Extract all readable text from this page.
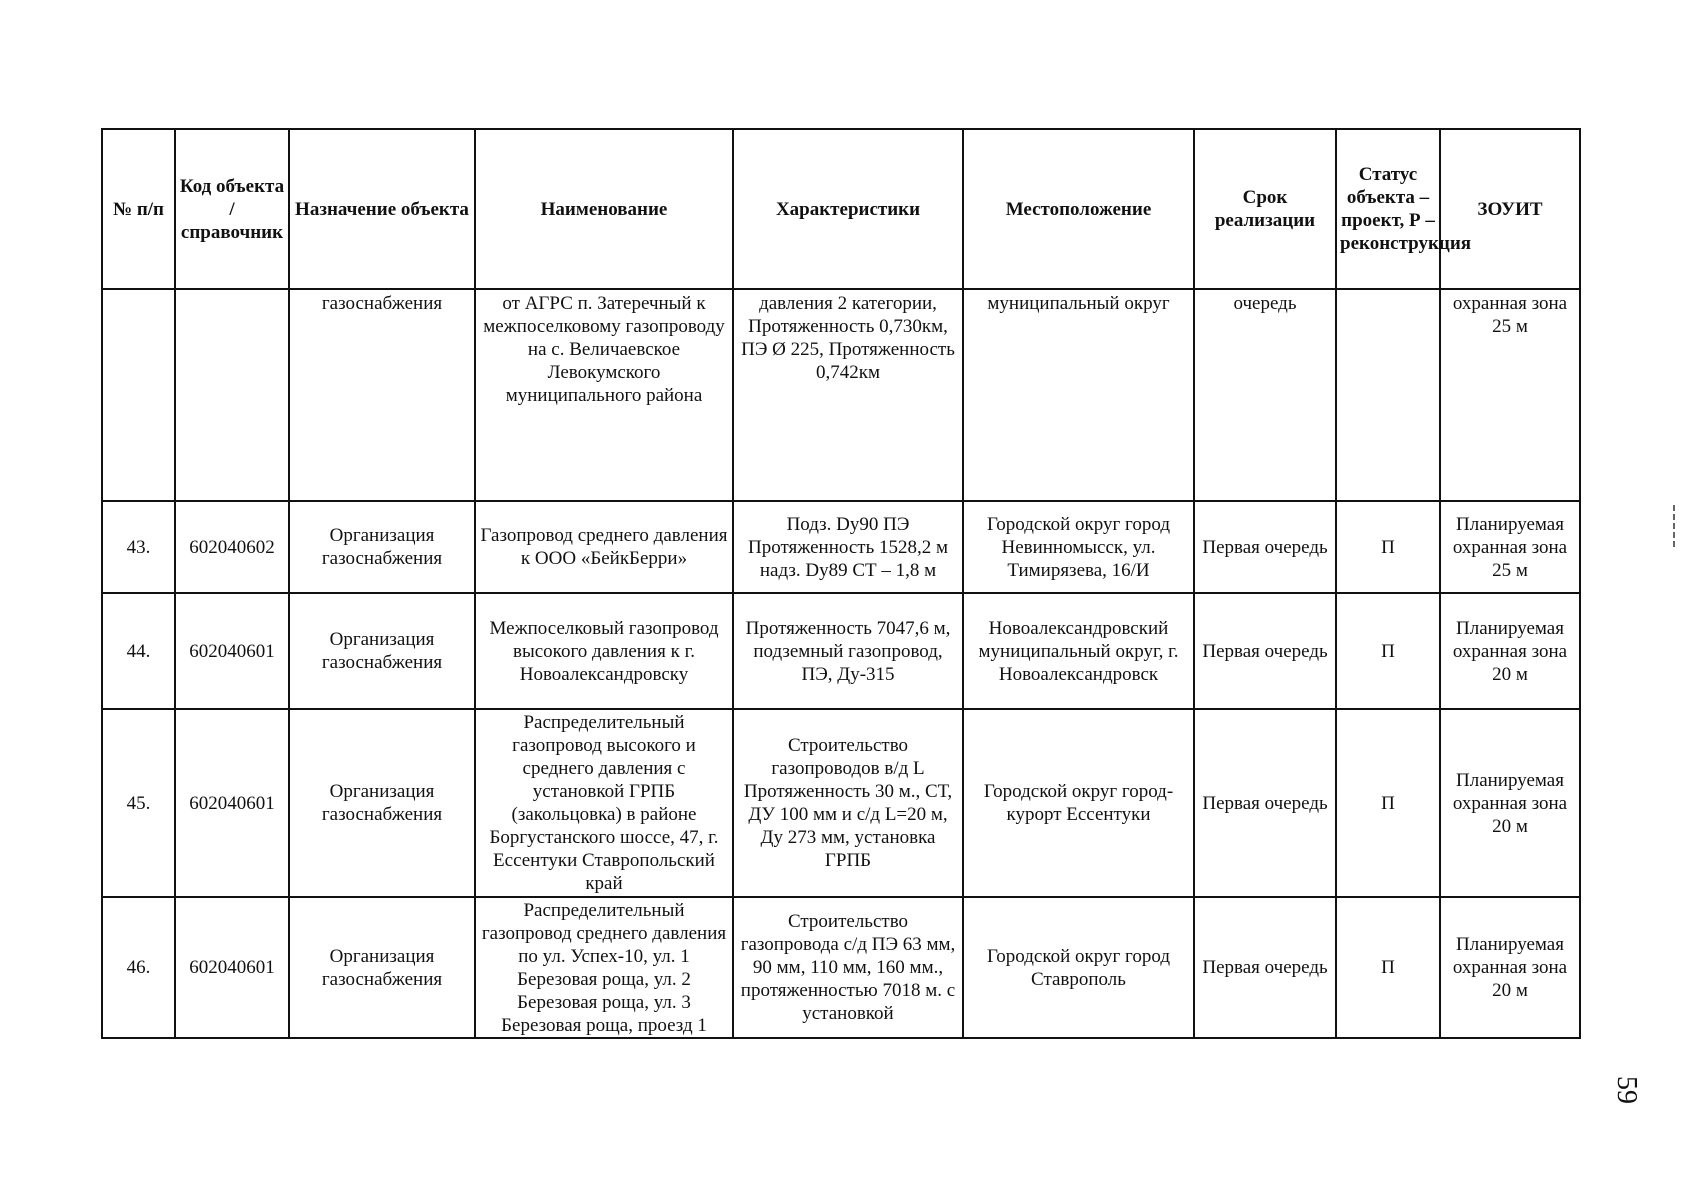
№ п/п	Код объекта / справочник	Назначение объекта	Наименование	Характеристики	Местоположение	Срок реализации	Статус объекта – проект, Р – реконструкция	ЗОУИТ
		газоснабжения	от АГРС п. Затеречный к межпоселковому газопроводу на с. Величаевское Левокумского муниципального района	давления 2 категории, Протяженность 0,730км, ПЭ Ø 225, Протяженность 0,742км	муниципальный округ	очередь		охранная зона 25 м
43.	602040602	Организация газоснабжения	Газопровод среднего давления к ООО «БейкБерри»	Подз. Dy90 ПЭ Протяженность 1528,2 м надз. Dy89 СТ – 1,8 м	Городской округ город Невинномысск, ул. Тимирязева, 16/И	Первая очередь	П	Планируемая охранная зона 25 м
44.	602040601	Организация газоснабжения	Межпоселковый газопровод высокого давления к г. Новоалександровску	Протяженность 7047,6 м, подземный газопровод, ПЭ, Ду-315	Новоалександровский муниципальный округ, г. Новоалександровск	Первая очередь	П	Планируемая охранная зона 20 м
45.	602040601	Организация газоснабжения	Распределительный газопровод высокого и среднего давления с установкой ГРПБ (закольцовка) в районе Боргустанского шоссе, 47, г. Ессентуки Ставропольский край	Строительство газопроводов в/д L Протяженность 30 м., СТ, ДУ 100 мм и с/д L=20 м, Ду 273 мм, установка ГРПБ	Городской округ город-курорт Ессентуки	Первая очередь	П	Планируемая охранная зона 20 м
46.	602040601	Организация газоснабжения	Распределительный газопровод среднего давления по ул. Успех-10, ул. 1 Березовая роща, ул. 2 Березовая роща, ул. 3 Березовая роща, проезд 1	Строительство газопровода с/д ПЭ 63 мм, 90 мм, 110 мм, 160 мм., протяженностью 7018 м. с установкой	Городской округ город Ставрополь	Первая очередь	П	Планируемая охранная зона 20 м
59
